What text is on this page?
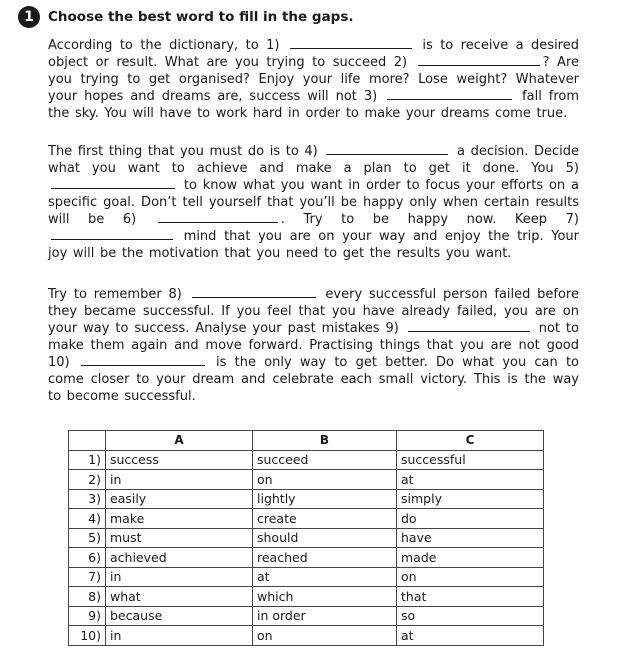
1	Choose the best word to fill in the gaps.
According to the dictionary, to 1)	is to receive a desired object or result. What are you trying to succeed 2)	? Are you trying to get organised? Enjoy your life more? Lose weight? Whatever your hopes and dreams are, success will not 3)	fall from the sky. You will have to work hard in order to make your dreams come true.
The first thing that you must do is to 4)	a decision. Decide what you want to achieve and make a plan to get it done. You 5)  to know what you want in order to focus your efforts on a specific goal. Don’t tell yourself that you’ll be happy only when certain results will be 6)	. Try to be happy now. Keep 7)  mind that you are on your way and enjoy the trip. Your joy will be the motivation that you need to get the results you want.
Try to remember 8)	every successful person failed before they became successful. If you feel that you have already failed, you are on your way to success. Analyse your past mistakes 9)	not to make them again and move forward. Practising things that you are not good 10)	is the only way to get better. Do what you can to come closer to your dream and celebrate each small victory. This is the way to become successful.
	A	B	C
1)	success	succeed	successful
2)	in	on	at
3)	easily	lightly	simply
4)	make	create	do
5)	must	should	have
6)	achieved	reached	made
7)	in	at	on
8)	what	which	that
9)	because	in order	so
10)	in	on	at
